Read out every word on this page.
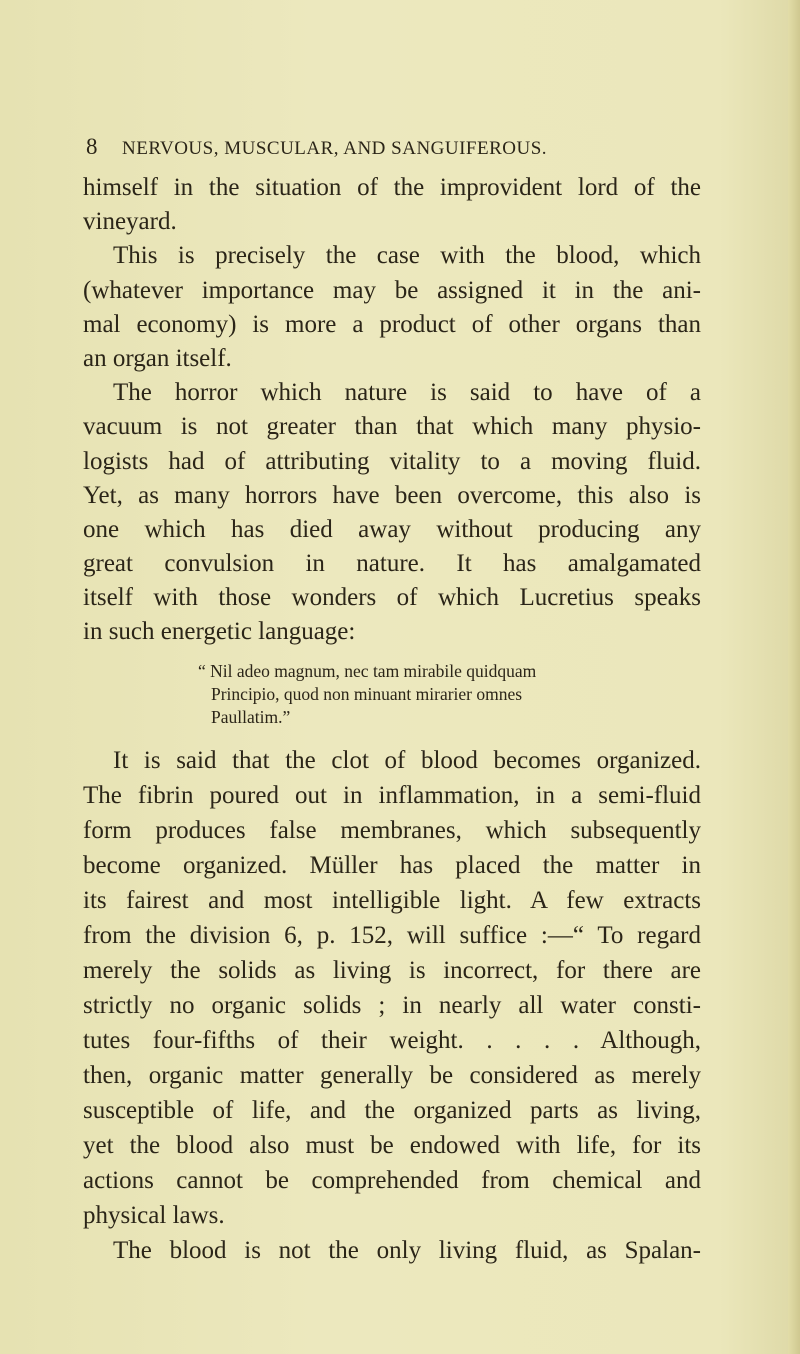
8 NERVOUS, MUSCULAR, AND SANGUIFEROUS.
himself in the situation of the improvident lord of the
vineyard.
This is precisely the case with the blood, which
(whatever importance may be assigned it in the ani-
mal economy) is more a product of other organs than
an organ itself.
The horror which nature is said to have of a
vacuum is not greater than that which many physio-
logists had of attributing vitality to a moving fluid.
Yet, as many horrors have been overcome, this also is
one which has died away without producing any
great convulsion in nature. It has amalgamated
itself with those wonders of which Lucretius speaks
in such energetic language:
“ Nil adeo magnum, nec tam mirabile quidquam
Principio, quod non minuant mirarier omnes
Paullatim.”
It is said that the clot of blood becomes organized.
The fibrin poured out in inflammation, in a semi-fluid
form produces false membranes, which subsequently
become organized. Müller has placed the matter in
its fairest and most intelligible light. A few extracts
from the division 6, p. 152, will suffice :—“ To regard
merely the solids as living is incorrect, for there are
strictly no organic solids ; in nearly all water consti-
tutes four-fifths of their weight. . . . . Although,
then, organic matter generally be considered as merely
susceptible of life, and the organized parts as living,
yet the blood also must be endowed with life, for its
actions cannot be comprehended from chemical and
physical laws.
The blood is not the only living fluid, as Spalan-
